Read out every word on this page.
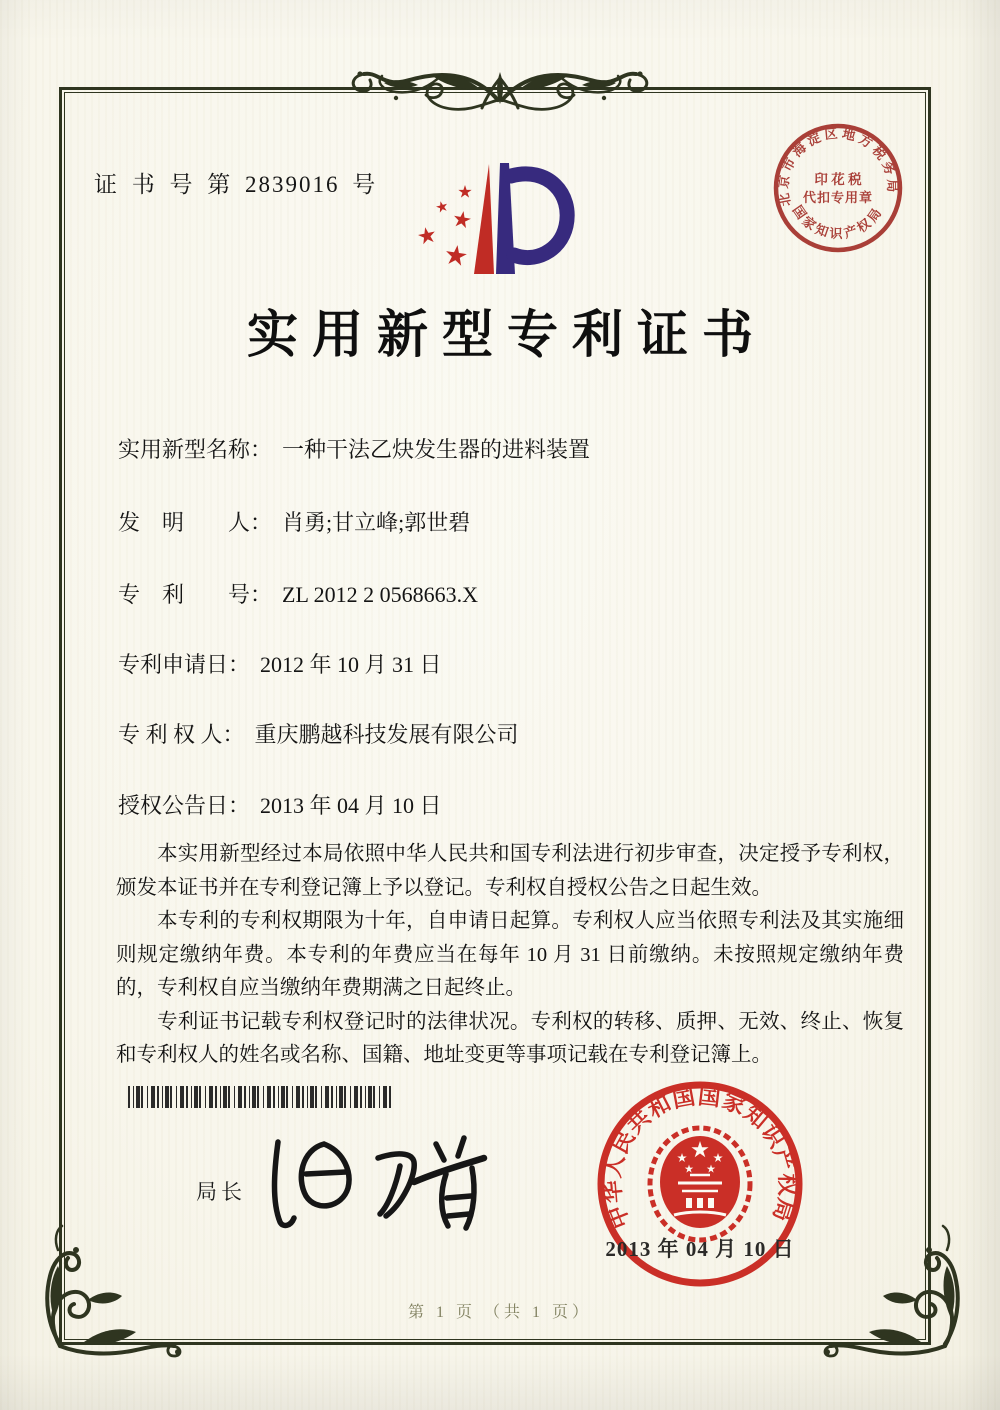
证 书 号 第 2839016 号
北京市海淀区地方税务局
国家知识产权局
印 花 税
代扣专用章
实用新型专利证书
实用新型名称： 一种干法乙炔发生器的进料装置
发　明　　人： 肖勇;甘立峰;郭世碧
专　利　　号： ZL 2012 2 0568663.X
专利申请日： 2012 年 10 月 31 日
专 利 权 人： 重庆鹏越科技发展有限公司
授权公告日： 2013 年 04 月 10 日

本实用新型经过本局依照中华人民共和国专利法进行初步审查，决定授予专利权，颁发本证书并在专利登记簿上予以登记。专利权自授权公告之日起生效。

本专利的专利权期限为十年，自申请日起算。专利权人应当依照专利法及其实施细则规定缴纳年费。本专利的年费应当在每年 10 月 31 日前缴纳。未按照规定缴纳年费的，专利权自应当缴纳年费期满之日起终止。

专利证书记载专利权登记时的法律状况。专利权的转移、质押、无效、终止、恢复和专利权人的姓名或名称、国籍、地址变更等事项记载在专利登记簿上。

局长
中华人民共和国国家知识产权局
2013 年 04 月 10 日
第 1 页 （共 1 页）
